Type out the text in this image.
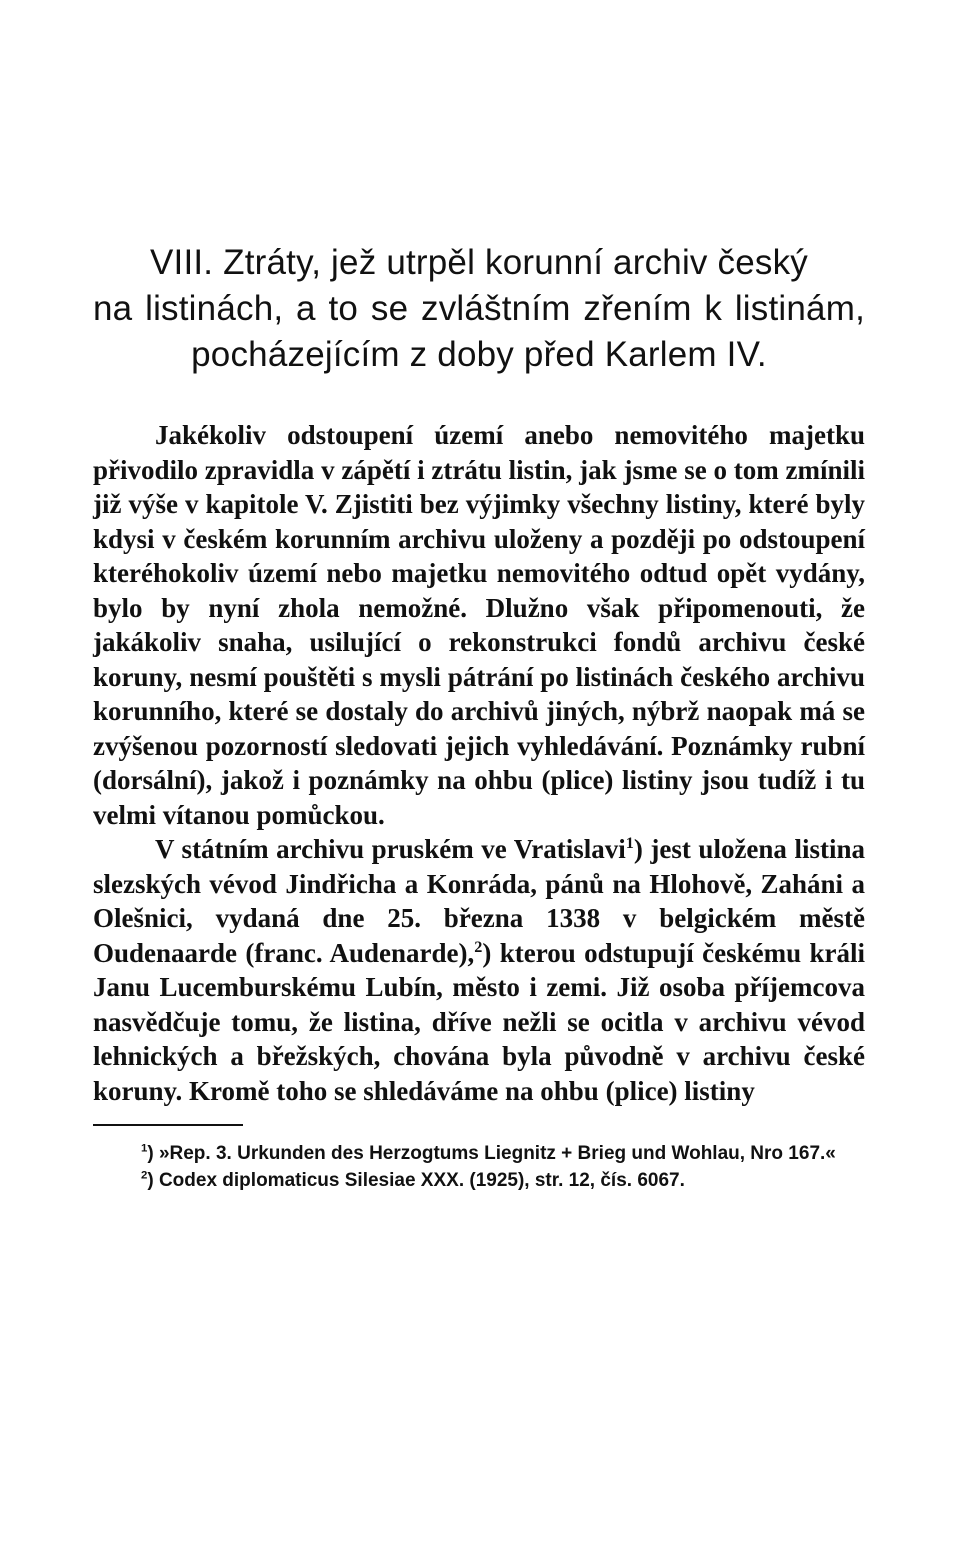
VIII. Ztráty, jež utrpěl korunní archiv český
na listinách, a to se zvláštním zřením k listinám,
pocházejícím z doby před Karlem IV.

Jakékoliv odstoupení území anebo nemovitého majetku přivodilo zpravidla v zápětí i ztrátu listin, jak jsme se o tom zmínili již výše v kapitole V. Zjistiti bez výjimky všechny listiny, které byly kdysi v českém korunním archivu uloženy a později po odstoupení kteréhokoliv území nebo majetku nemovitého odtud opět vydány, bylo by nyní zhola nemožné. Dlužno však připomenouti, že jakákoliv snaha, usilující o rekonstrukci fondů archivu české koruny, nesmí pouštěti s mysli pátrání po listinách českého archivu korunního, které se dostaly do archivů jiných, nýbrž naopak má se zvýšenou pozorností sledovati jejich vyhledávání. Poznámky rubní (dorsální), jakož i poznámky na ohbu (plice) listiny jsou tudíž i tu velmi vítanou pomůckou.

V státním archivu pruském ve Vratislavi$^1$) jest uložena listina slezských vévod Jindřicha a Konráda, pánů na Hlohově, Zaháni a Olešnici, vydaná dne 25. března 1338 v belgickém městě Oudenaarde (franc. Audenarde),$^2$) kterou odstupují českému králi Janu Lucemburskému Lubín, město i zemi. Již osoba příjemcova nasvědčuje tomu, že listina, dříve nežli se ocitla v archivu vévod lehnických a břežských, chována byla původně v archivu české koruny. Kromě toho se shledáváme na ohbu (plice) listiny

$^1$) »Rep. 3. Urkunden des Herzogtums Liegnitz + Brieg und Wohlau, Nro 167.«

$^2$) Codex diplomaticus Silesiae XXX. (1925), str. 12, čís. 6067.
